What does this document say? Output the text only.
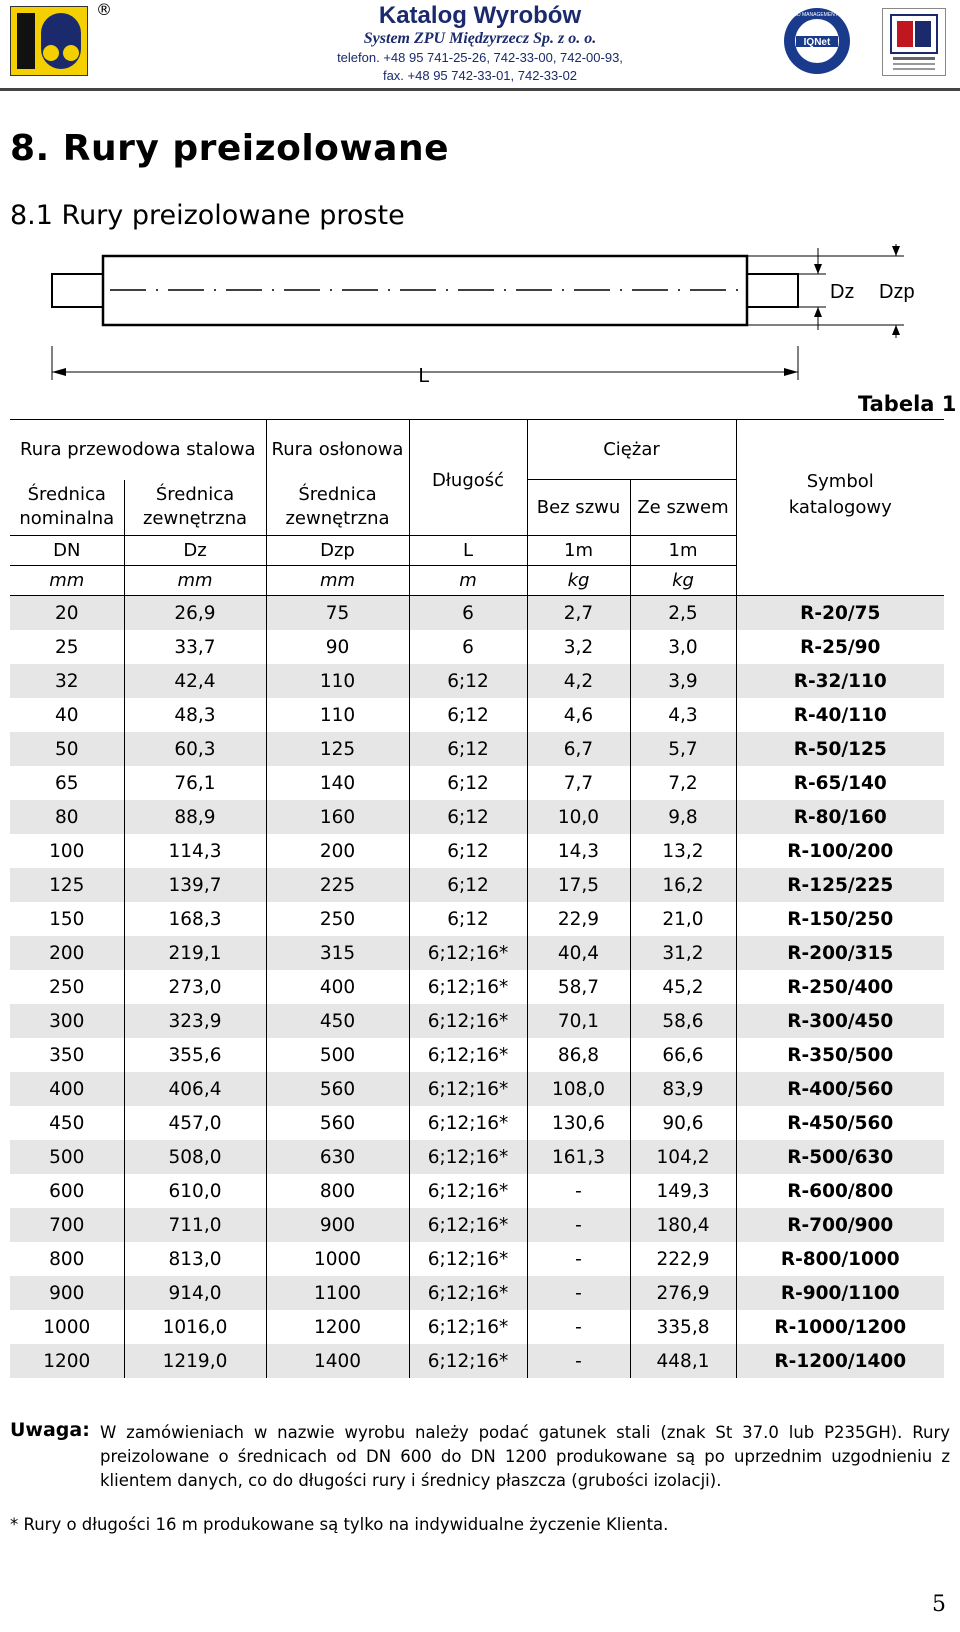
®	Katalog Wyrobów
System ZPU Międzyrzecz Sp. z o. o.
telefon. +48 95 741-25-26, 742-33-00, 742-00-93,
fax. +48 95 742-33-01, 742-33-02
IQNet
CERTIFIED MANAGEMENT SYSTEM
8. Rury preizolowane
8.1 Rury preizolowane proste
Dz Dzp
L
Tabela 1
Rura przewodowa stalowa		Rura osłonowa	Długość	Ciężar		Symbol katalogowy
Średnica nominalna	Średnica zewnętrzna	Średnica zewnętrzna		Bez szwu	Ze szwem	
DN	Dz	Dzp	L	1m	1m	
mm	mm	mm	m	kg	kg	
20	26,9	75	6	2,7	2,5	R-20/75
25	33,7	90	6	3,2	3,0	R-25/90
32	42,4	110	6;12	4,2	3,9	R-32/110
40	48,3	110	6;12	4,6	4,3	R-40/110
50	60,3	125	6;12	6,7	5,7	R-50/125
65	76,1	140	6;12	7,7	7,2	R-65/140
80	88,9	160	6;12	10,0	9,8	R-80/160
100	114,3	200	6;12	14,3	13,2	R-100/200
125	139,7	225	6;12	17,5	16,2	R-125/225
150	168,3	250	6;12	22,9	21,0	R-150/250
200	219,1	315	6;12;16*	40,4	31,2	R-200/315
250	273,0	400	6;12;16*	58,7	45,2	R-250/400
300	323,9	450	6;12;16*	70,1	58,6	R-300/450
350	355,6	500	6;12;16*	86,8	66,6	R-350/500
400	406,4	560	6;12;16*	108,0	83,9	R-400/560
450	457,0	560	6;12;16*	130,6	90,6	R-450/560
500	508,0	630	6;12;16*	161,3	104,2	R-500/630
600	610,0	800	6;12;16*	-	149,3	R-600/800
700	711,0	900	6;12;16*	-	180,4	R-700/900
800	813,0	1000	6;12;16*	-	222,9	R-800/1000
900	914,0	1100	6;12;16*	-	276,9	R-900/1100
1000	1016,0	1200	6;12;16*	-	335,8	R-1000/1200
1200	1219,0	1400	6;12;16*	-	448,1	R-1200/1400
Uwaga: W zamówieniach w nazwie wyrobu należy podać gatunek stali (znak St 37.0 lub P235GH). Rury preizolowane o średnicach od DN 600 do DN 1200 produkowane są po uprzednim uzgodnieniu z klientem danych, co do długości rury i średnicy płaszcza (grubości izolacji).
* Rury o długości 16 m produkowane są tylko na indywidualne życzenie Klienta.
5
